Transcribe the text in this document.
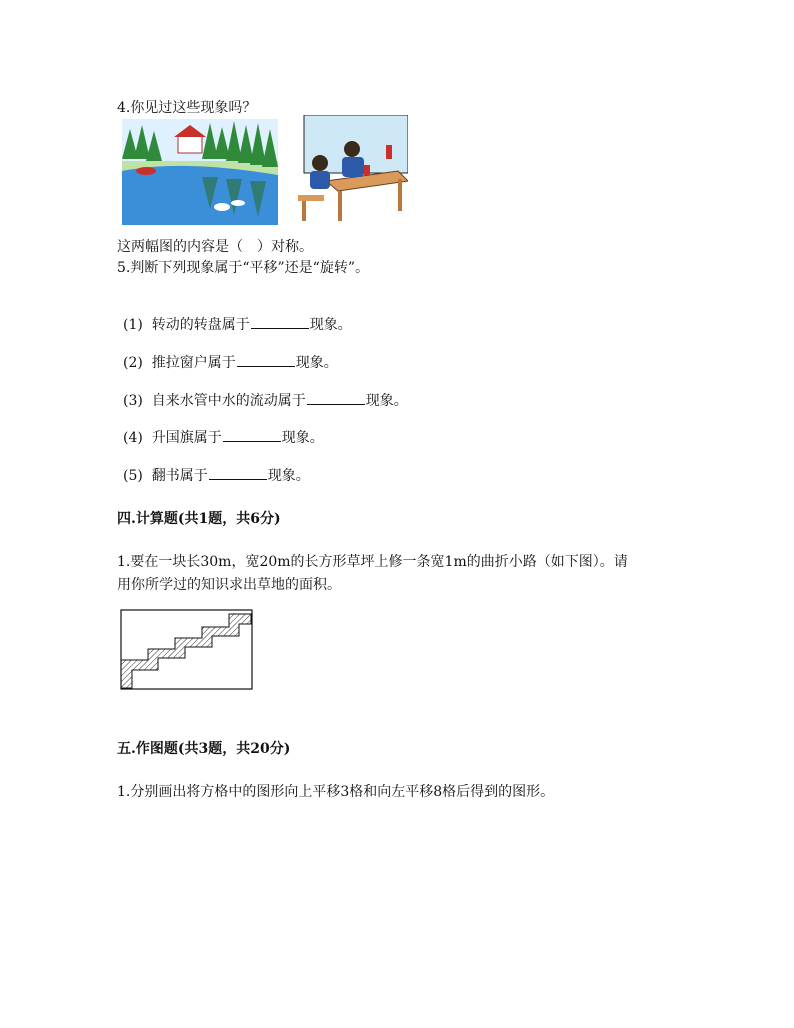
4.你见过这些现象吗？
这两幅图的内容是（　）对称。
5.判断下列现象属于“平移”还是“旋转”。
(1) 转动的转盘属于	现象。
(2) 推拉窗户属于	现象。
(3) 自来水管中水的流动属于	现象。
(4) 升国旗属于	现象。
(5) 翻书属于	现象。
四.计算题(共1题，共6分)
1.要在一块长30m，宽20m的长方形草坪上修一条宽1m的曲折小路（如下图）。请
用你所学过的知识求出草地的面积。
五.作图题(共3题，共20分)
1.分别画出将方格中的图形向上平移3格和向左平移8格后得到的图形。
